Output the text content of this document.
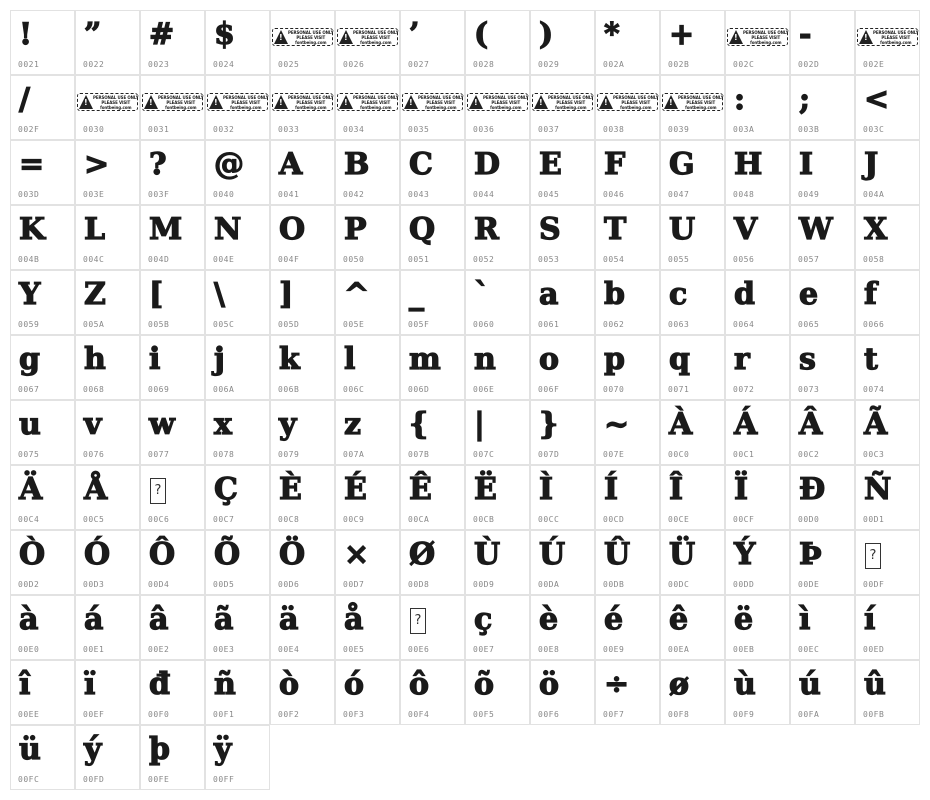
!
0021
”
0022
#
0023
$
0024
!
PERSONAL USE ONLY
PLEASE VISIT
fontbeing.com
0025
!
PERSONAL USE ONLY
PLEASE VISIT
fontbeing.com
0026
’
0027
(
0028
)
0029
*
002A
+
002B
!
PERSONAL USE ONLY
PLEASE VISIT
fontbeing.com
002C
-
002D
!
PERSONAL USE ONLY
PLEASE VISIT
fontbeing.com
002E
/
002F
!
PERSONAL USE ONLY
PLEASE VISIT
fontbeing.com
0030
!
PERSONAL USE ONLY
PLEASE VISIT
fontbeing.com
0031
!
PERSONAL USE ONLY
PLEASE VISIT
fontbeing.com
0032
!
PERSONAL USE ONLY
PLEASE VISIT
fontbeing.com
0033
!
PERSONAL USE ONLY
PLEASE VISIT
fontbeing.com
0034
!
PERSONAL USE ONLY
PLEASE VISIT
fontbeing.com
0035
!
PERSONAL USE ONLY
PLEASE VISIT
fontbeing.com
0036
!
PERSONAL USE ONLY
PLEASE VISIT
fontbeing.com
0037
!
PERSONAL USE ONLY
PLEASE VISIT
fontbeing.com
0038
!
PERSONAL USE ONLY
PLEASE VISIT
fontbeing.com
0039
:
003A
;
003B
<
003C
=
003D
>
003E
?
003F
@
0040
A
0041
B
0042
C
0043
D
0044
E
0045
F
0046
G
0047
H
0048
I
0049
J
004A
K
004B
L
004C
M
004D
N
004E
O
004F
P
0050
Q
0051
R
0052
S
0053
T
0054
U
0055
V
0056
W
0057
X
0058
Y
0059
Z
005A
[
005B
\
005C
]
005D
^
005E
_
005F
`
0060
a
0061
b
0062
c
0063
d
0064
e
0065
f
0066
g
0067
h
0068
i
0069
j
006A
k
006B
l
006C
m
006D
n
006E
o
006F
p
0070
q
0071
r
0072
s
0073
t
0074
u
0075
v
0076
w
0077
x
0078
y
0079
z
007A
{
007B
|
007C
}
007D
~
007E
À
00C0
Á
00C1
Â
00C2
Ã
00C3
Ä
00C4
Å
00C5
?
00C6
Ç
00C7
È
00C8
É
00C9
Ê
00CA
Ë
00CB
Ì
00CC
Í
00CD
Î
00CE
Ï
00CF
Ð
00D0
Ñ
00D1
Ò
00D2
Ó
00D3
Ô
00D4
Õ
00D5
Ö
00D6
×
00D7
Ø
00D8
Ù
00D9
Ú
00DA
Û
00DB
Ü
00DC
Ý
00DD
Þ
00DE
?
00DF
à
00E0
á
00E1
â
00E2
ã
00E3
ä
00E4
å
00E5
?
00E6
ç
00E7
è
00E8
é
00E9
ê
00EA
ë
00EB
ì
00EC
í
00ED
î
00EE
ï
00EF
đ
00F0
ñ
00F1
ò
00F2
ó
00F3
ô
00F4
õ
00F5
ö
00F6
÷
00F7
ø
00F8
ù
00F9
ú
00FA
û
00FB
ü
00FC
ý
00FD
þ
00FE
ÿ
00FF
